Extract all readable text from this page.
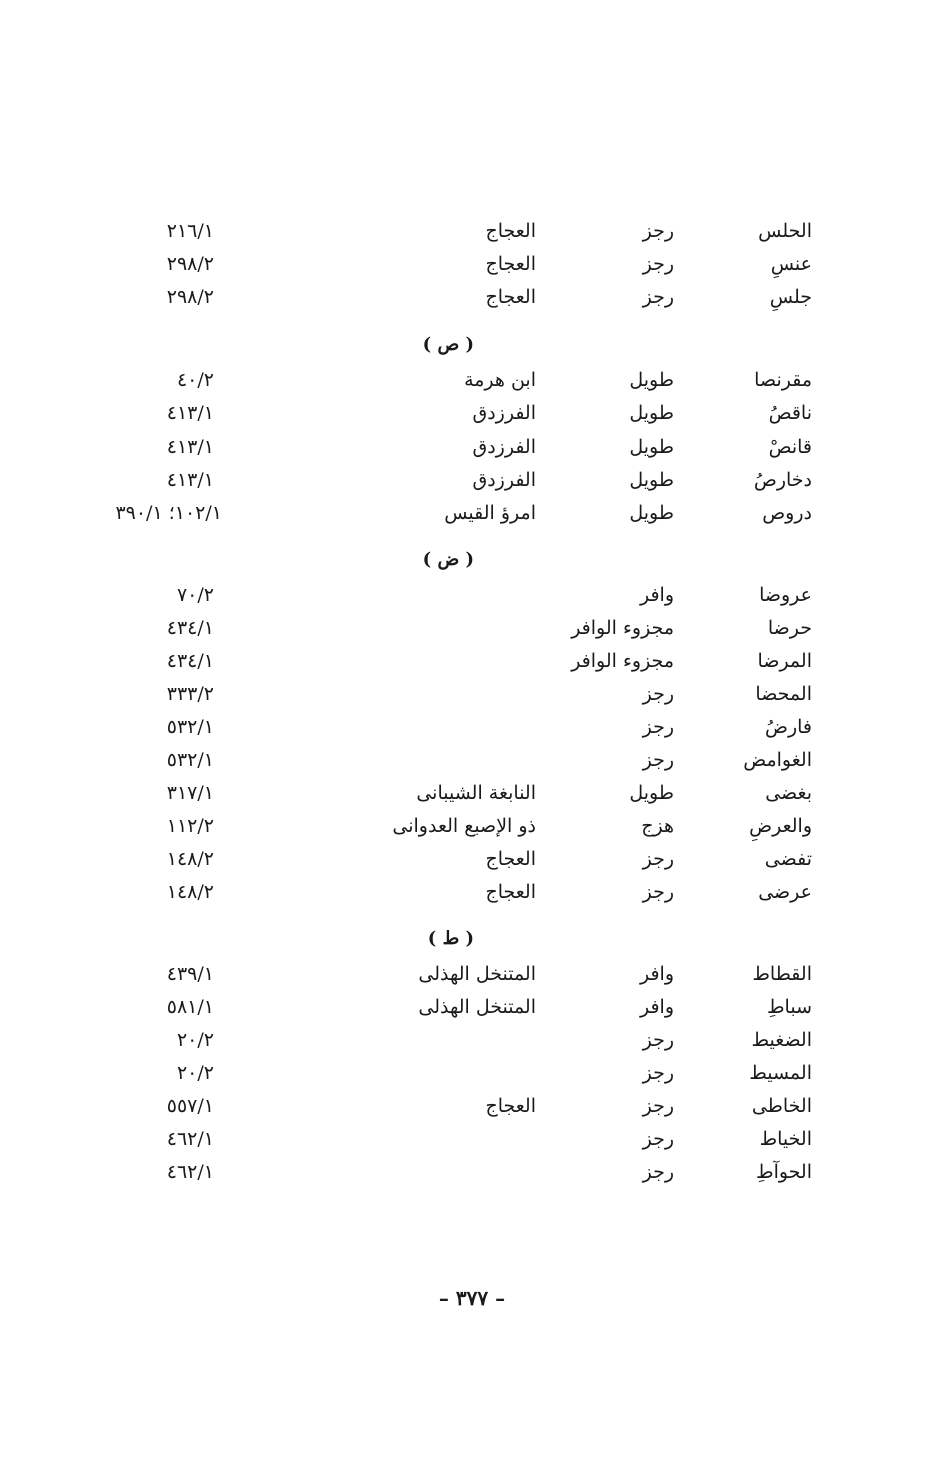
الحلس
رجز
العجاج
٢١٦/١
عنسِ
رجز
العجاج
٢٩٨/٢
جلسِ
رجز
العجاج
٢٩٨/٢
( ص )
مقرنصا
طويل
ابن هرمة
٤٠/٢
ناقصُ
طويل
الفرزدق
٤١٣/١
قانصْ
طويل
الفرزدق
٤١٣/١
دخارصُ
طويل
الفرزدق
٤١٣/١
دروص
طويل
امرؤ القيس
١٠٢/١؛ ٣٩٠/١
( ض )
عروضا
وافر
٧٠/٢
حرضا
مجزوء الوافر
٤٣٤/١
المرضا
مجزوء الوافر
٤٣٤/١
المحضا
رجز
٣٣٣/٢
فارضُ
رجز
٥٣٢/١
الغوامض
رجز
٥٣٢/١
بغضى
طويل
النابغة الشيبانى
٣١٧/١
والعرضِ
هزج
ذو الإصبع العدوانى
١١٢/٢
تفضى
رجز
العجاج
١٤٨/٢
عرضى
رجز
العجاج
١٤٨/٢
( ط )
القطاط
وافر
المتنخل الهذلى
٤٣٩/١
سباطِ
وافر
المتنخل الهذلى
٥٨١/١
الضغيط
رجز
٢٠/٢
المسيط
رجز
٢٠/٢
الخاطى
رجز
العجاج
٥٥٧/١
الخياط
رجز
٤٦٢/١
الحوآطِ
رجز
٤٦٢/١
– ٣٧٧ –
